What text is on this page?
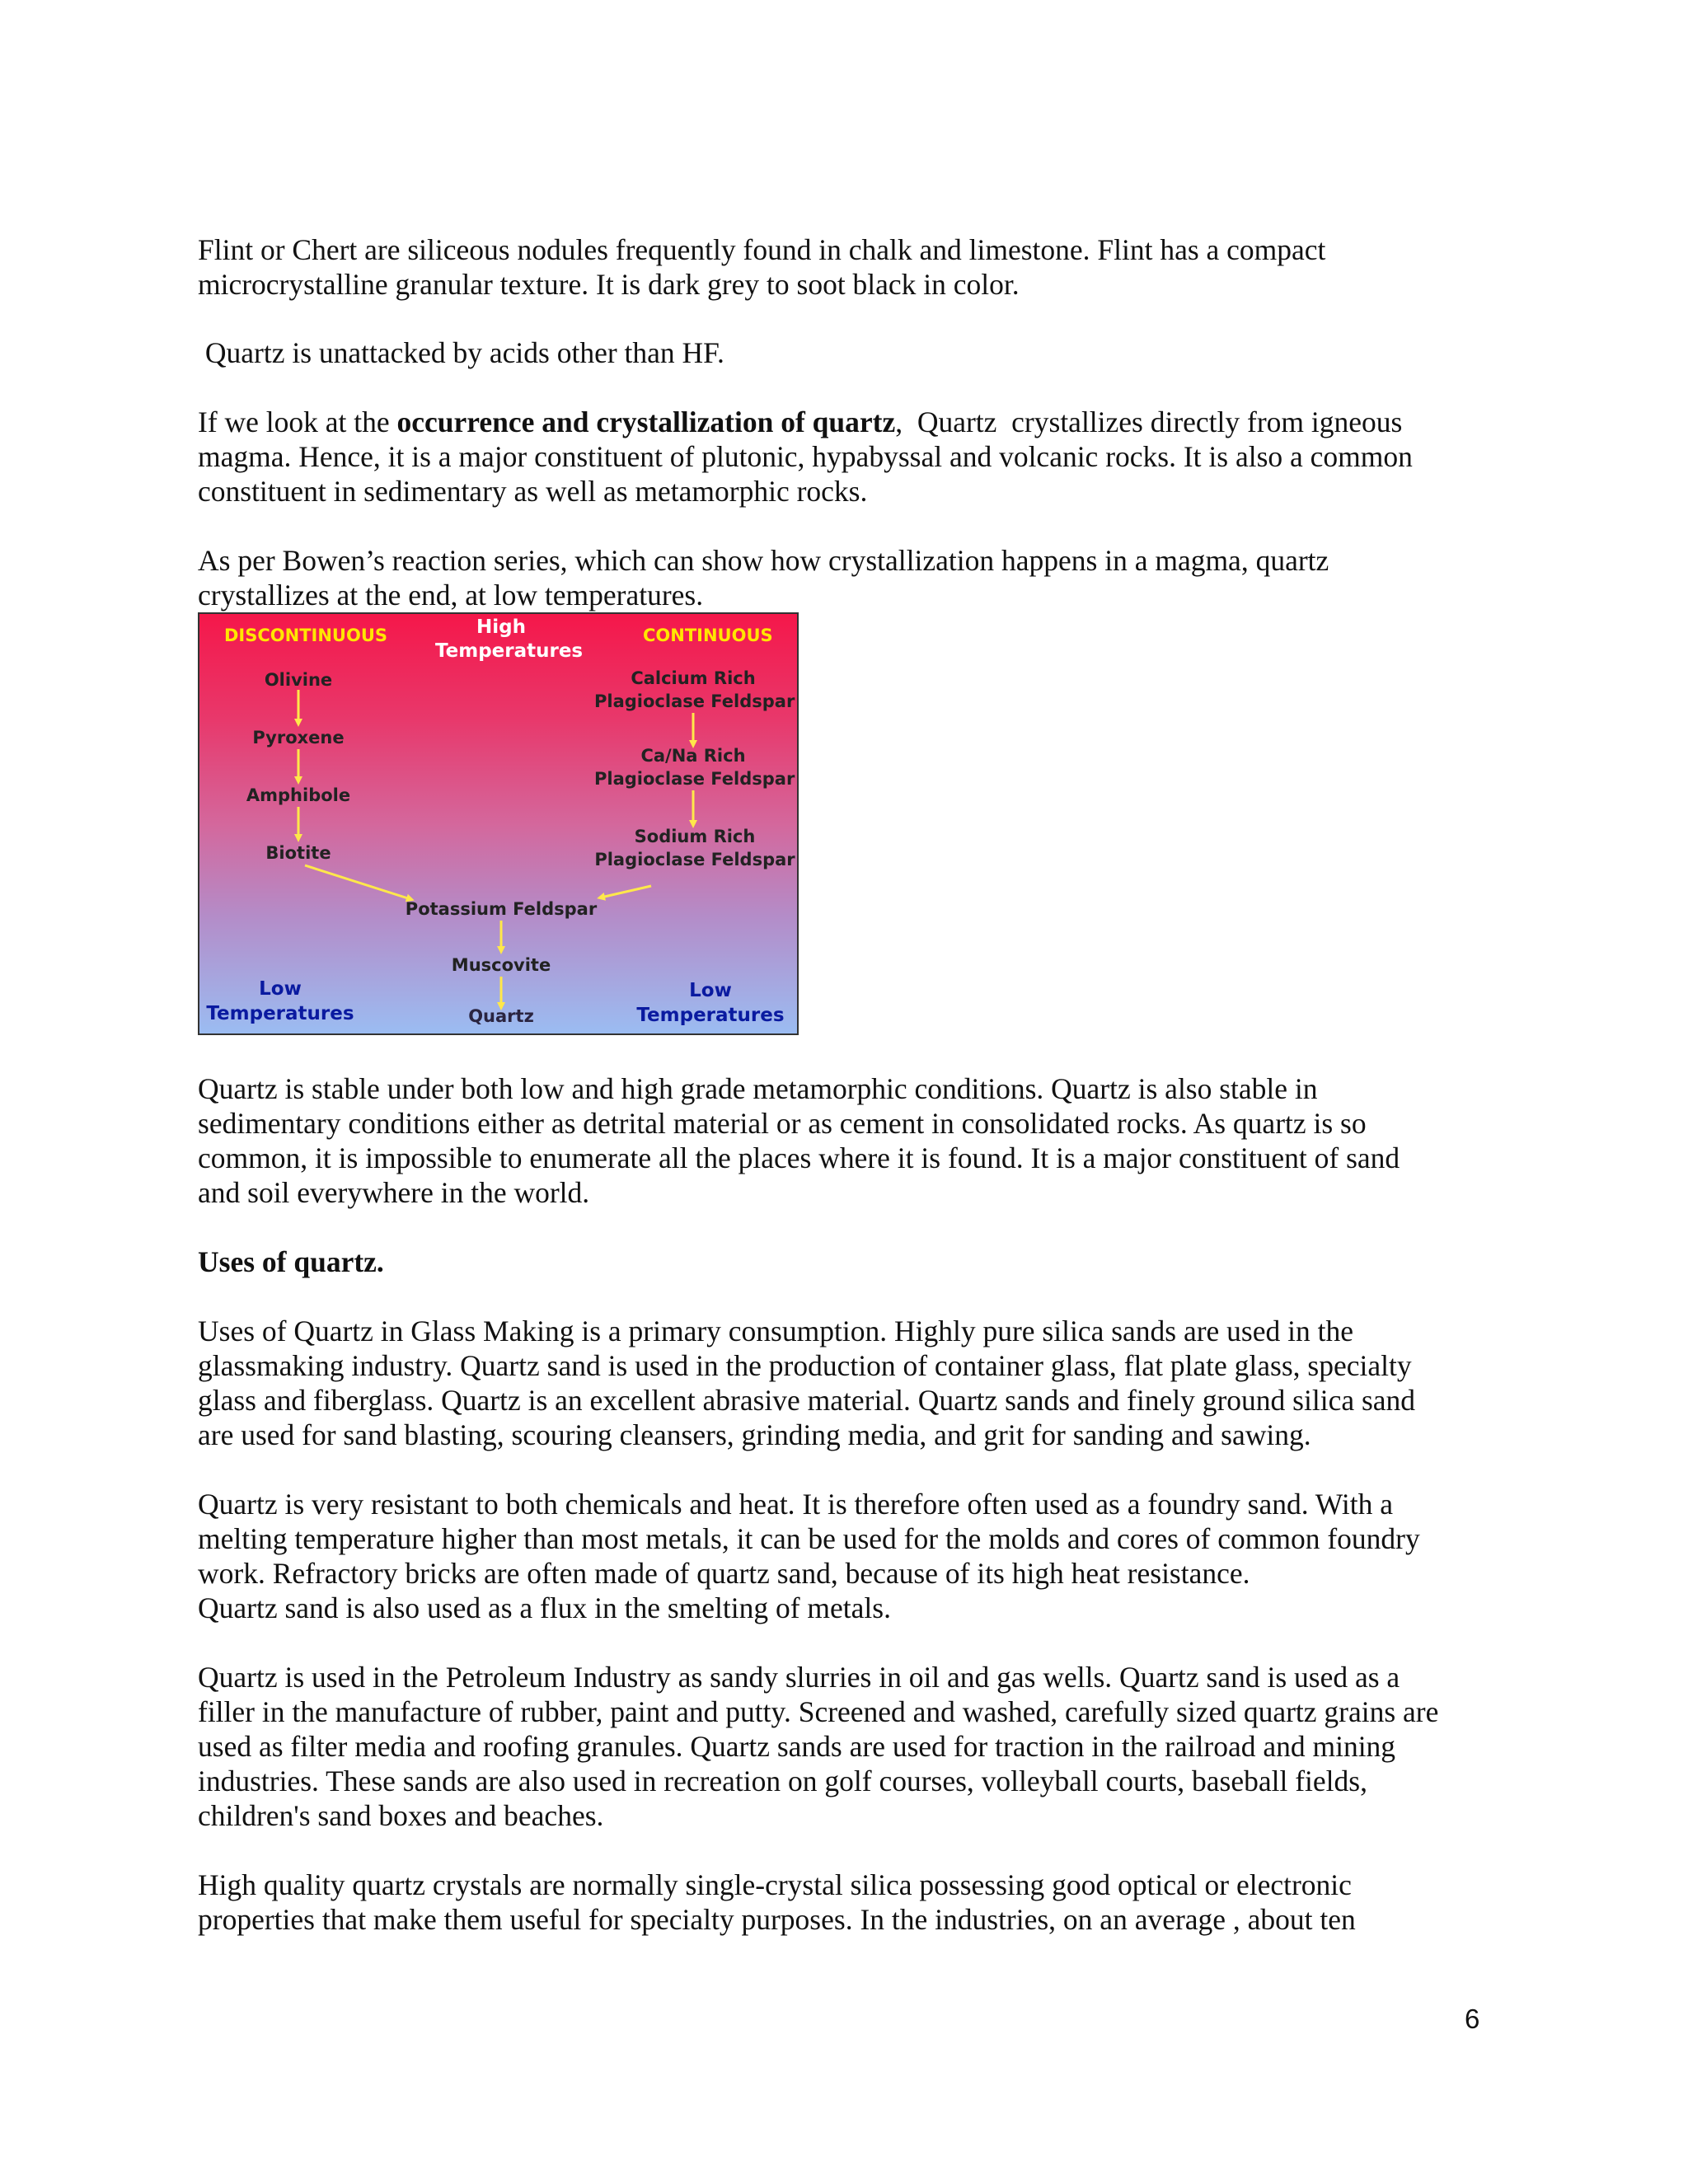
Flint or Chert are siliceous nodules frequently found in chalk and limestone. Flint has a compact
microcrystalline granular texture. It is dark grey to soot black in color.

Quartz is unattacked by acids other than HF.

If we look at the occurrence and crystallization of quartz,  Quartz  crystallizes directly from igneous
magma. Hence, it is a major constituent of plutonic, hypabyssal and volcanic rocks. It is also a common
constituent in sedimentary as well as metamorphic rocks.

As per Bowen’s reaction series, which can show how crystallization happens in a magma, quartz
crystallizes at the end, at low temperatures.

DISCONTINUOUS	CONTINUOUS
High
Temperatures
Olivine
Pyroxene
Amphibole
Biotite
Calcium Rich
Plagioclase Feldspar
Ca/Na Rich
Plagioclase Feldspar
Sodium Rich
Plagioclase Feldspar
Potassium Feldspar
Muscovite
Quartz
Low
Temperatures
Low
Temperatures

Quartz is stable under both low and high grade metamorphic conditions. Quartz is also stable in
sedimentary conditions either as detrital material or as cement in consolidated rocks. As quartz is so
common, it is impossible to enumerate all the places where it is found. It is a major constituent of sand
and soil everywhere in the world.

Uses of quartz.

Uses of Quartz in Glass Making is a primary consumption. Highly pure silica sands are used in the
glassmaking industry. Quartz sand is used in the production of container glass, flat plate glass, specialty
glass and fiberglass. Quartz is an excellent abrasive material. Quartz sands and finely ground silica sand
are used for sand blasting, scouring cleansers, grinding media, and grit for sanding and sawing.

Quartz is very resistant to both chemicals and heat. It is therefore often used as a foundry sand. With a
melting temperature higher than most metals, it can be used for the molds and cores of common foundry
work. Refractory bricks are often made of quartz sand, because of its high heat resistance.
Quartz sand is also used as a flux in the smelting of metals.

Quartz is used in the Petroleum Industry as sandy slurries in oil and gas wells. Quartz sand is used as a
filler in the manufacture of rubber, paint and putty. Screened and washed, carefully sized quartz grains are
used as filter media and roofing granules. Quartz sands are used for traction in the railroad and mining
industries. These sands are also used in recreation on golf courses, volleyball courts, baseball fields,
children's sand boxes and beaches.

High quality quartz crystals are normally single-crystal silica possessing good optical or electronic
properties that make them useful for specialty purposes. In the industries, on an average , about ten

6
